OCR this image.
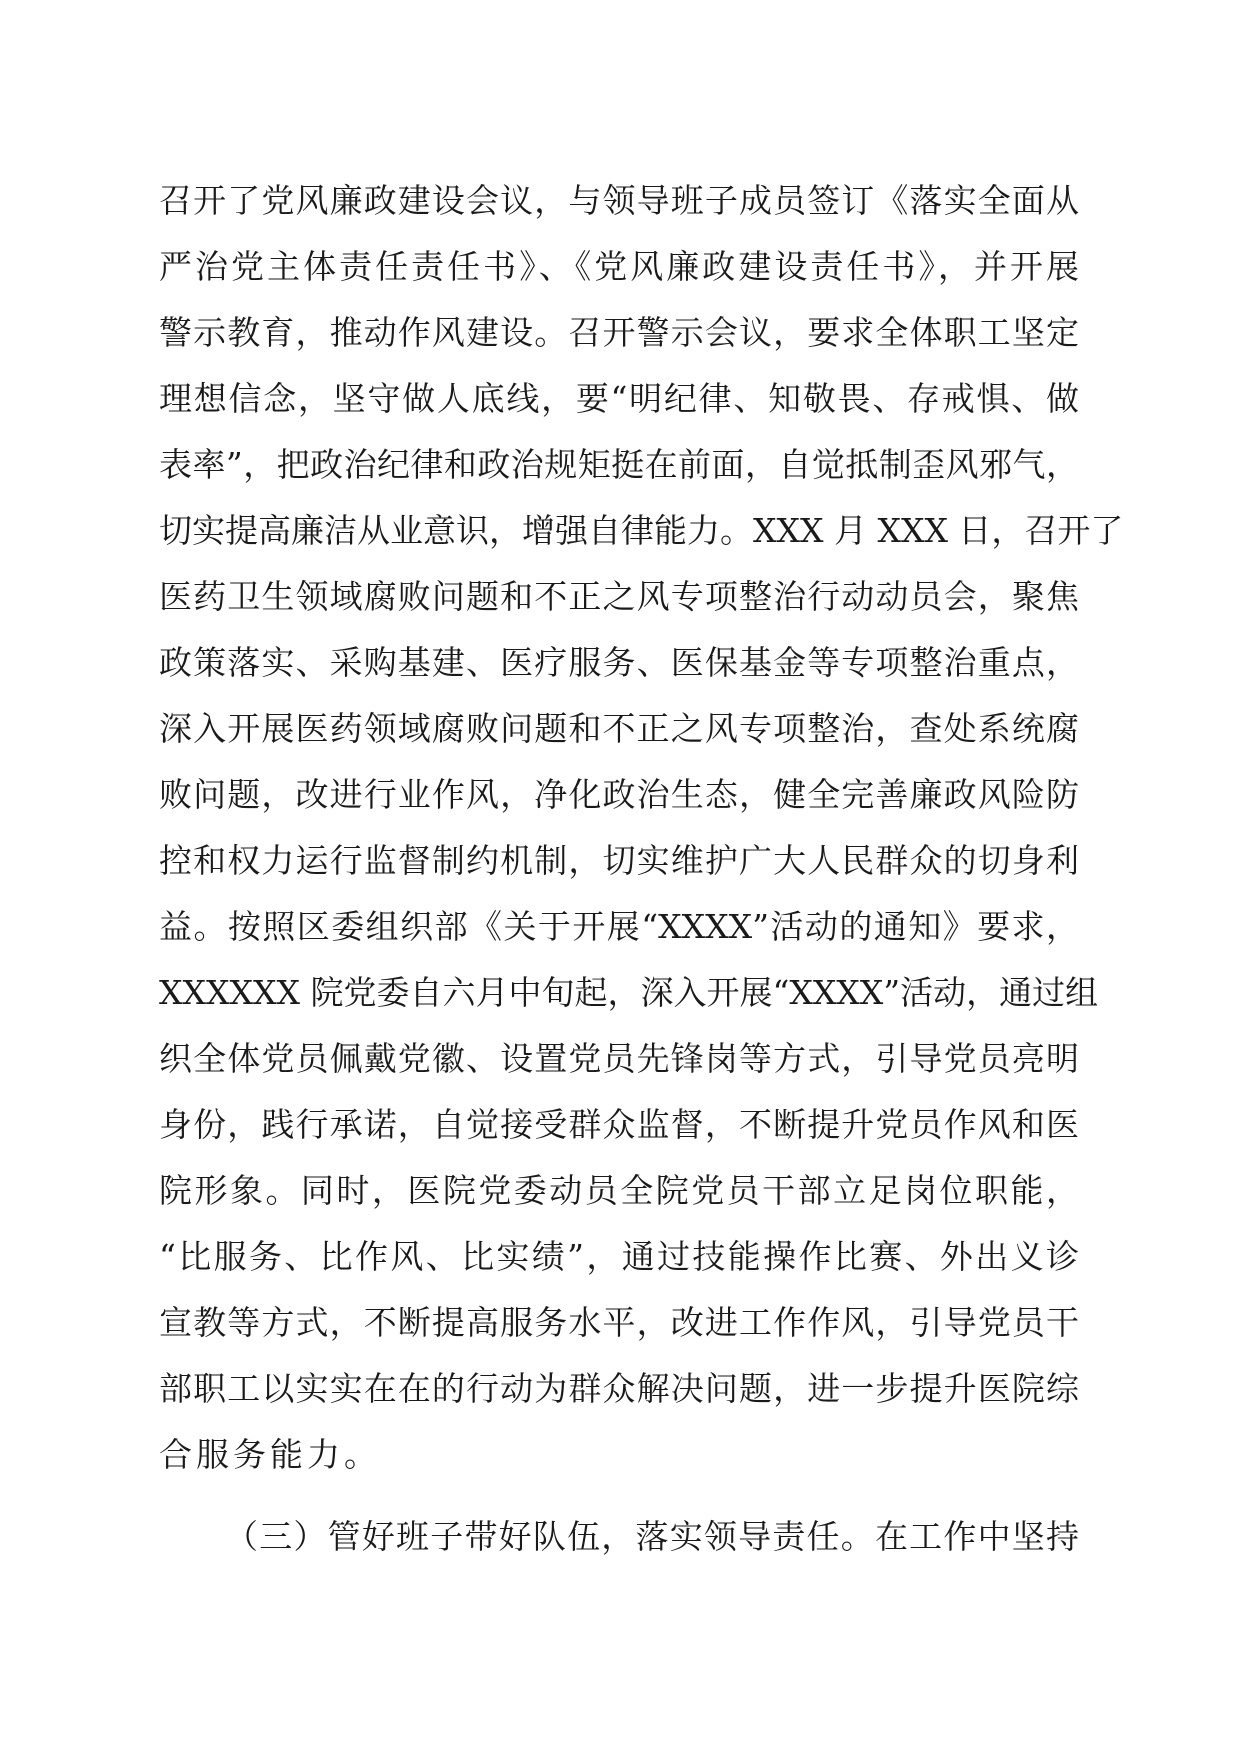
召开了党风廉政建设会议，与领导班子成员签订《落实全面从
严治党主体责任责任书》、《党风廉政建设责任书》，并开展
警示教育，推动作风建设。召开警示会议，要求全体职工坚定
理想信念，坚守做人底线，要“明纪律、知敬畏、存戒惧、做
表率”，把政治纪律和政治规矩挺在前面，自觉抵制歪风邪气，
切实提高廉洁从业意识，增强自律能力。XXX 月 XXX 日，召开了
医药卫生领域腐败问题和不正之风专项整治行动动员会，聚焦
政策落实、采购基建、医疗服务、医保基金等专项整治重点，
深入开展医药领域腐败问题和不正之风专项整治，查处系统腐
败问题，改进行业作风，净化政治生态，健全完善廉政风险防
控和权力运行监督制约机制，切实维护广大人民群众的切身利
益。按照区委组织部《关于开展“XXXX”活动的通知》要求，
XXXXXX 院党委自六月中旬起，深入开展“XXXX”活动，通过组
织全体党员佩戴党徽、设置党员先锋岗等方式，引导党员亮明
身份，践行承诺，自觉接受群众监督，不断提升党员作风和医
院形象。同时，医院党委动员全院党员干部立足岗位职能，
“比服务、比作风、比实绩”，通过技能操作比赛、外出义诊
宣教等方式，不断提高服务水平，改进工作作风，引导党员干
部职工以实实在在的行动为群众解决问题，进一步提升医院综
合服务能力。
（三）管好班子带好队伍，落实领导责任。在工作中坚持
